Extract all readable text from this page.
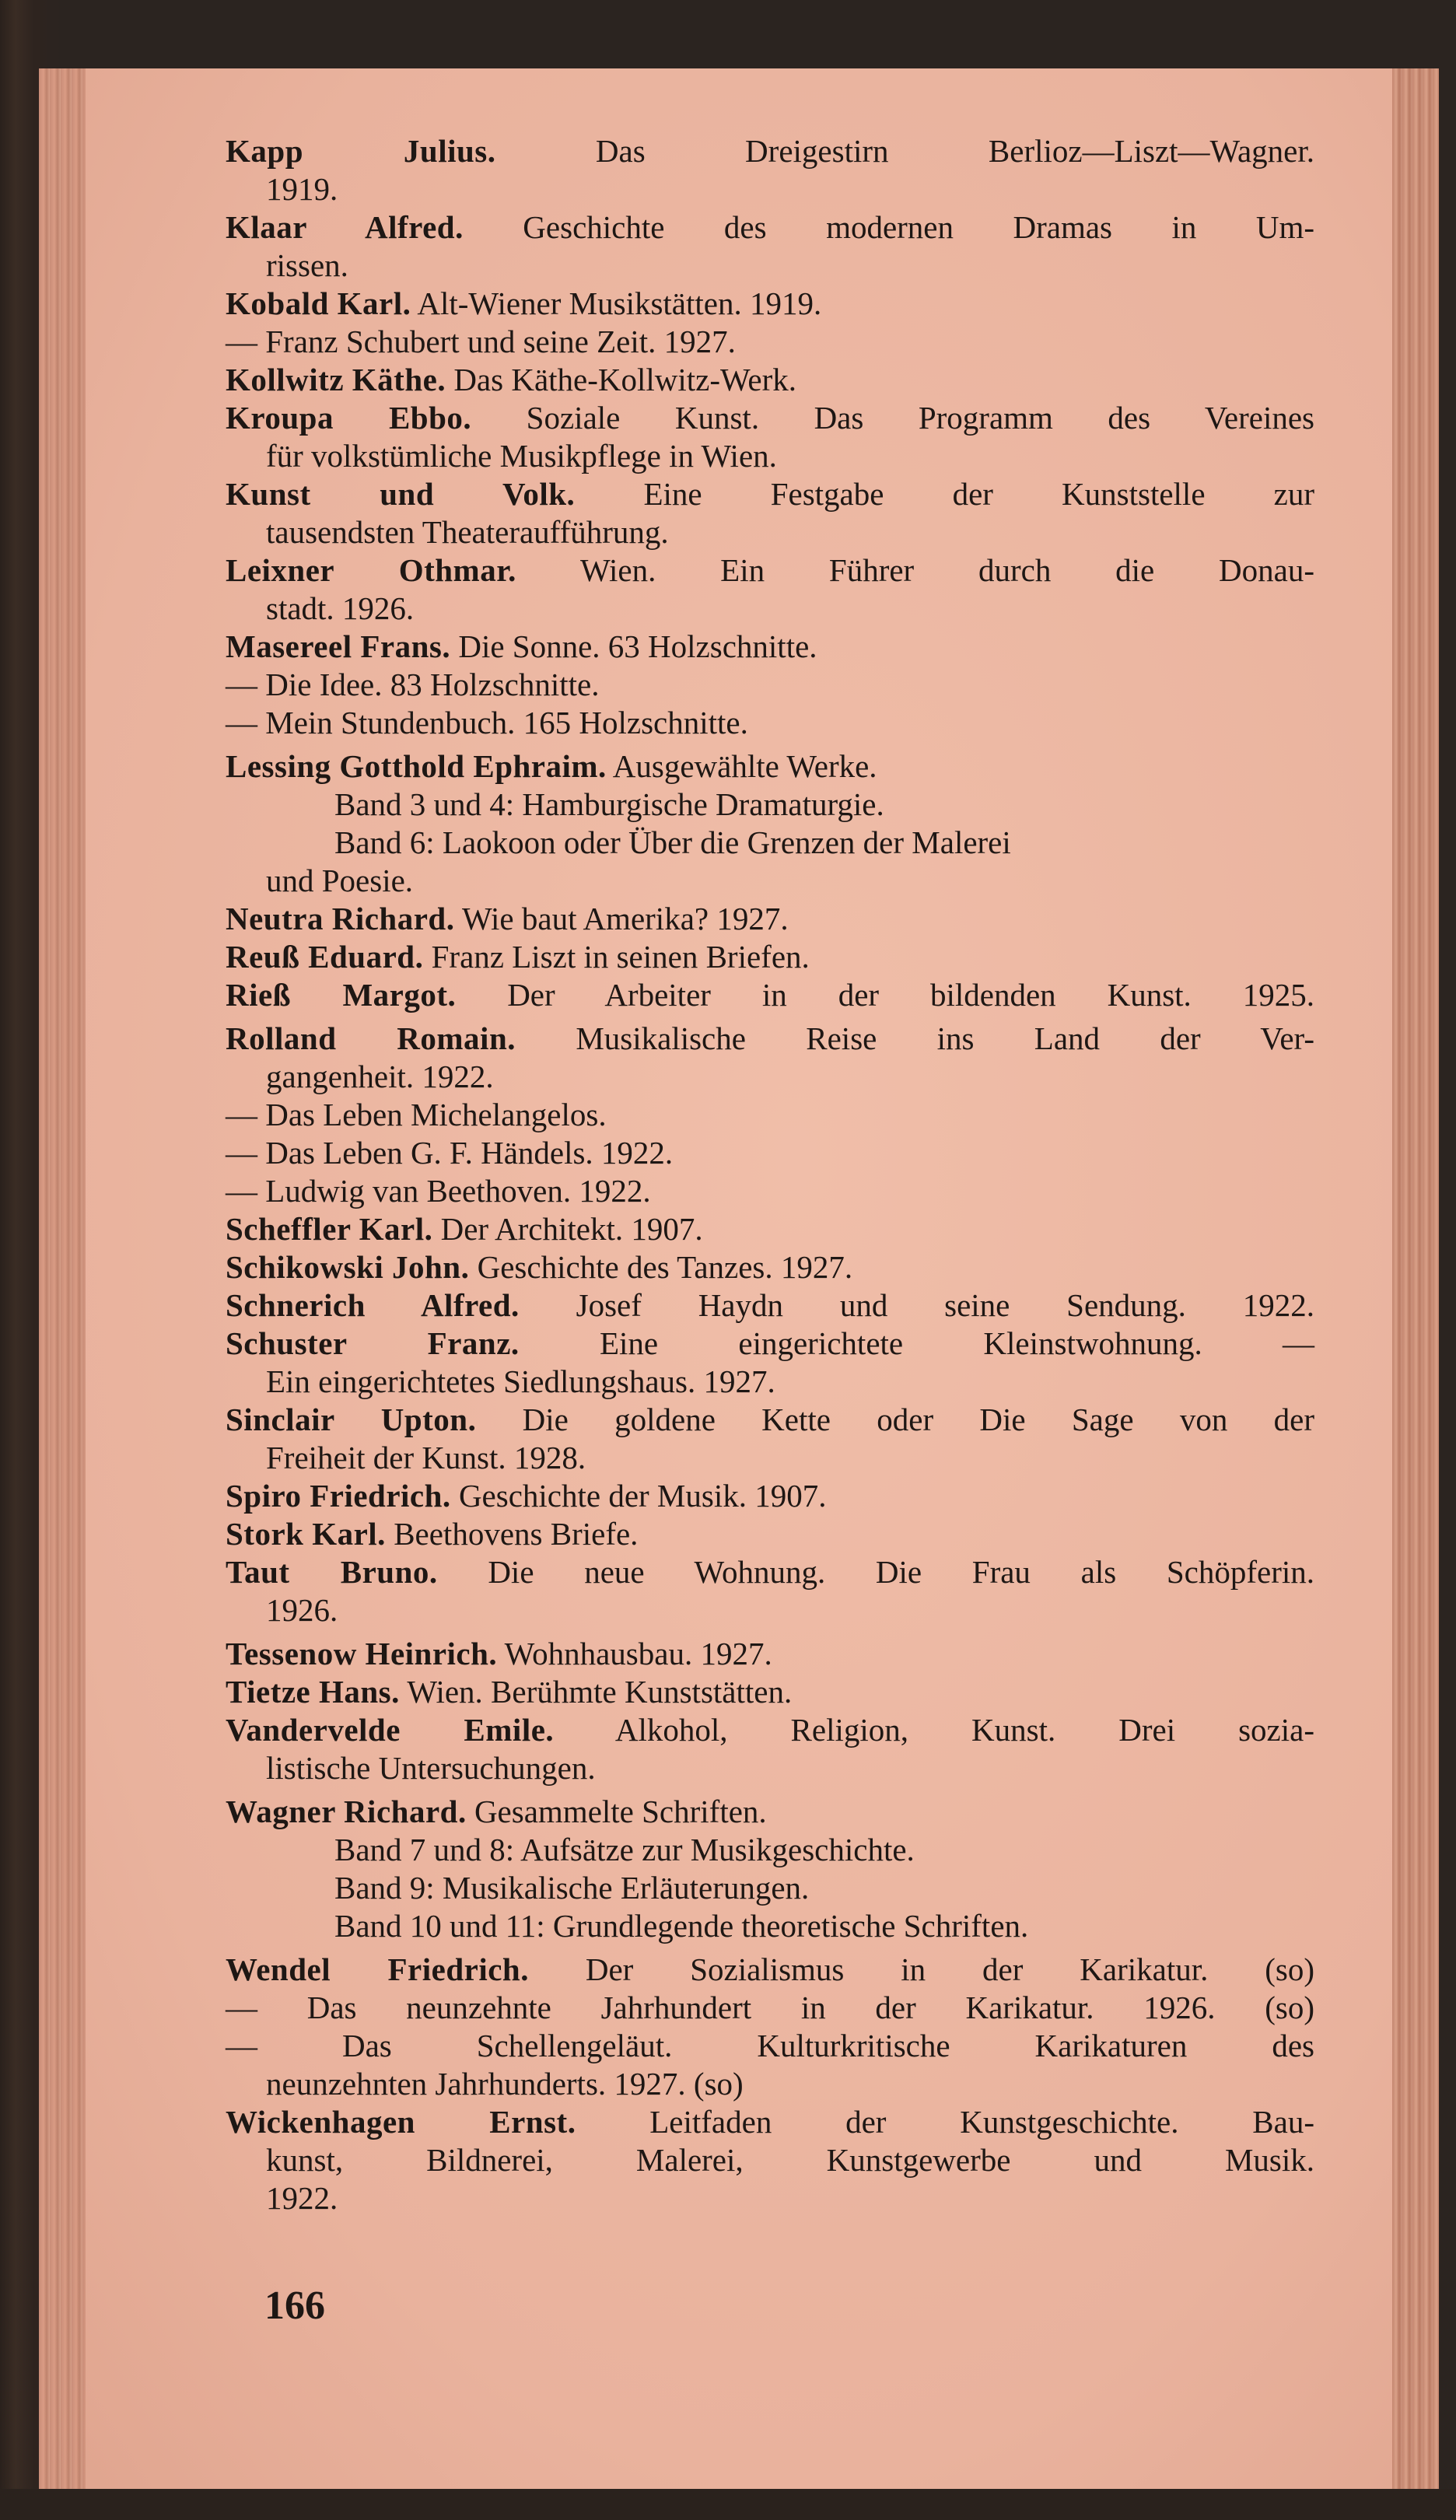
Kapp Julius. Das Dreigestirn Berlioz—Liszt—Wagner.
1919.
Klaar Alfred. Geschichte des modernen Dramas in Um-
rissen.
Kobald Karl. Alt-Wiener Musikstätten. 1919.
— Franz Schubert und seine Zeit. 1927.
Kollwitz Käthe. Das Käthe-Kollwitz-Werk.
Kroupa Ebbo. Soziale Kunst. Das Programm des Vereines
für volkstümliche Musikpflege in Wien.
Kunst und Volk. Eine Festgabe der Kunststelle zur
tausendsten Theateraufführung.
Leixner Othmar. Wien. Ein Führer durch die Donau-
stadt. 1926.
Masereel Frans. Die Sonne. 63 Holzschnitte.
— Die Idee. 83 Holzschnitte.
— Mein Stundenbuch. 165 Holzschnitte.
Lessing Gotthold Ephraim. Ausgewählte Werke.
Band 3 und 4: Hamburgische Dramaturgie.
Band 6: Laokoon oder Über die Grenzen der Malerei
und Poesie.
Neutra Richard. Wie baut Amerika? 1927.
Reuß Eduard. Franz Liszt in seinen Briefen.
Rieß Margot. Der Arbeiter in der bildenden Kunst. 1925.
Rolland Romain. Musikalische Reise ins Land der Ver-
gangenheit. 1922.
— Das Leben Michelangelos.
— Das Leben G. F. Händels. 1922.
— Ludwig van Beethoven. 1922.
Scheffler Karl. Der Architekt. 1907.
Schikowski John. Geschichte des Tanzes. 1927.
Schnerich Alfred. Josef Haydn und seine Sendung. 1922.
Schuster Franz. Eine eingerichtete Kleinstwohnung. —
Ein eingerichtetes Siedlungshaus. 1927.
Sinclair Upton. Die goldene Kette oder Die Sage von der
Freiheit der Kunst. 1928.
Spiro Friedrich. Geschichte der Musik. 1907.
Stork Karl. Beethovens Briefe.
Taut Bruno. Die neue Wohnung. Die Frau als Schöpferin.
1926.
Tessenow Heinrich. Wohnhausbau. 1927.
Tietze Hans. Wien. Berühmte Kunststätten.
Vandervelde Emile. Alkohol, Religion, Kunst. Drei sozia-
listische Untersuchungen.
Wagner Richard. Gesammelte Schriften.
Band 7 und 8: Aufsätze zur Musikgeschichte.
Band 9: Musikalische Erläuterungen.
Band 10 und 11: Grundlegende theoretische Schriften.
Wendel Friedrich. Der Sozialismus in der Karikatur. (so)
— Das neunzehnte Jahrhundert in der Karikatur. 1926. (so)
— Das Schellengeläut. Kulturkritische Karikaturen des
neunzehnten Jahrhunderts. 1927. (so)
Wickenhagen Ernst. Leitfaden der Kunstgeschichte. Bau-
kunst, Bildnerei, Malerei, Kunstgewerbe und Musik.
1922.
166
